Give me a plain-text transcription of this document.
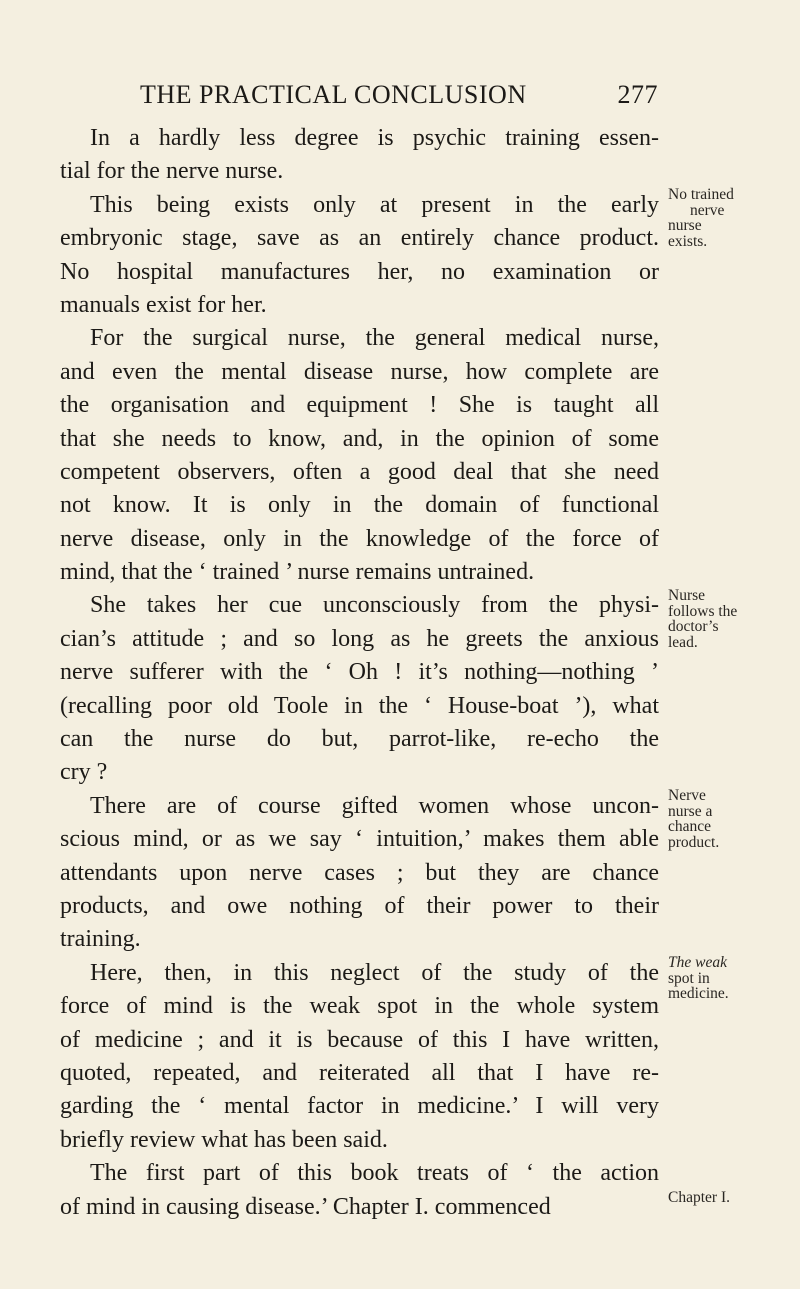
THE PRACTICAL CONCLUSION	277
In a hardly less degree is psychic training essen-
tial for the nerve nurse.
This being exists only at present in the early
embryonic stage, save as an entirely chance product.
No hospital manufactures her, no examination or
manuals exist for her.
For the surgical nurse, the general medical nurse,
and even the mental disease nurse, how complete are
the organisation and equipment ! She is taught all
that she needs to know, and, in the opinion of some
competent observers, often a good deal that she need
not know. It is only in the domain of functional
nerve disease, only in the knowledge of the force of
mind, that the ‘ trained ’ nurse remains untrained.
She takes her cue unconsciously from the physi-
cian’s attitude ; and so long as he greets the anxious
nerve sufferer with the ‘ Oh ! it’s nothing—nothing ’
(recalling poor old Toole in the ‘ House-boat ’), what
can the nurse do but, parrot-like, re-echo the
cry ?
There are of course gifted women whose uncon-
scious mind, or as we say ‘ intuition,’ makes them able
attendants upon nerve cases ; but they are chance
products, and owe nothing of their power to their
training.
Here, then, in this neglect of the study of the
force of mind is the weak spot in the whole system
of medicine ; and it is because of this I have written,
quoted, repeated, and reiterated all that I have re-
garding the ‘ mental factor in medicine.’ I will very
briefly review what has been said.
The first part of this book treats of ‘ the action
of mind in causing disease.’ Chapter I. commenced
No trained
nerve
nurse
exists.
Nurse
follows the
doctor’s
lead.
Nerve
nurse a
chance
product.
The weak
spot in
medicine.
Chapter I.
